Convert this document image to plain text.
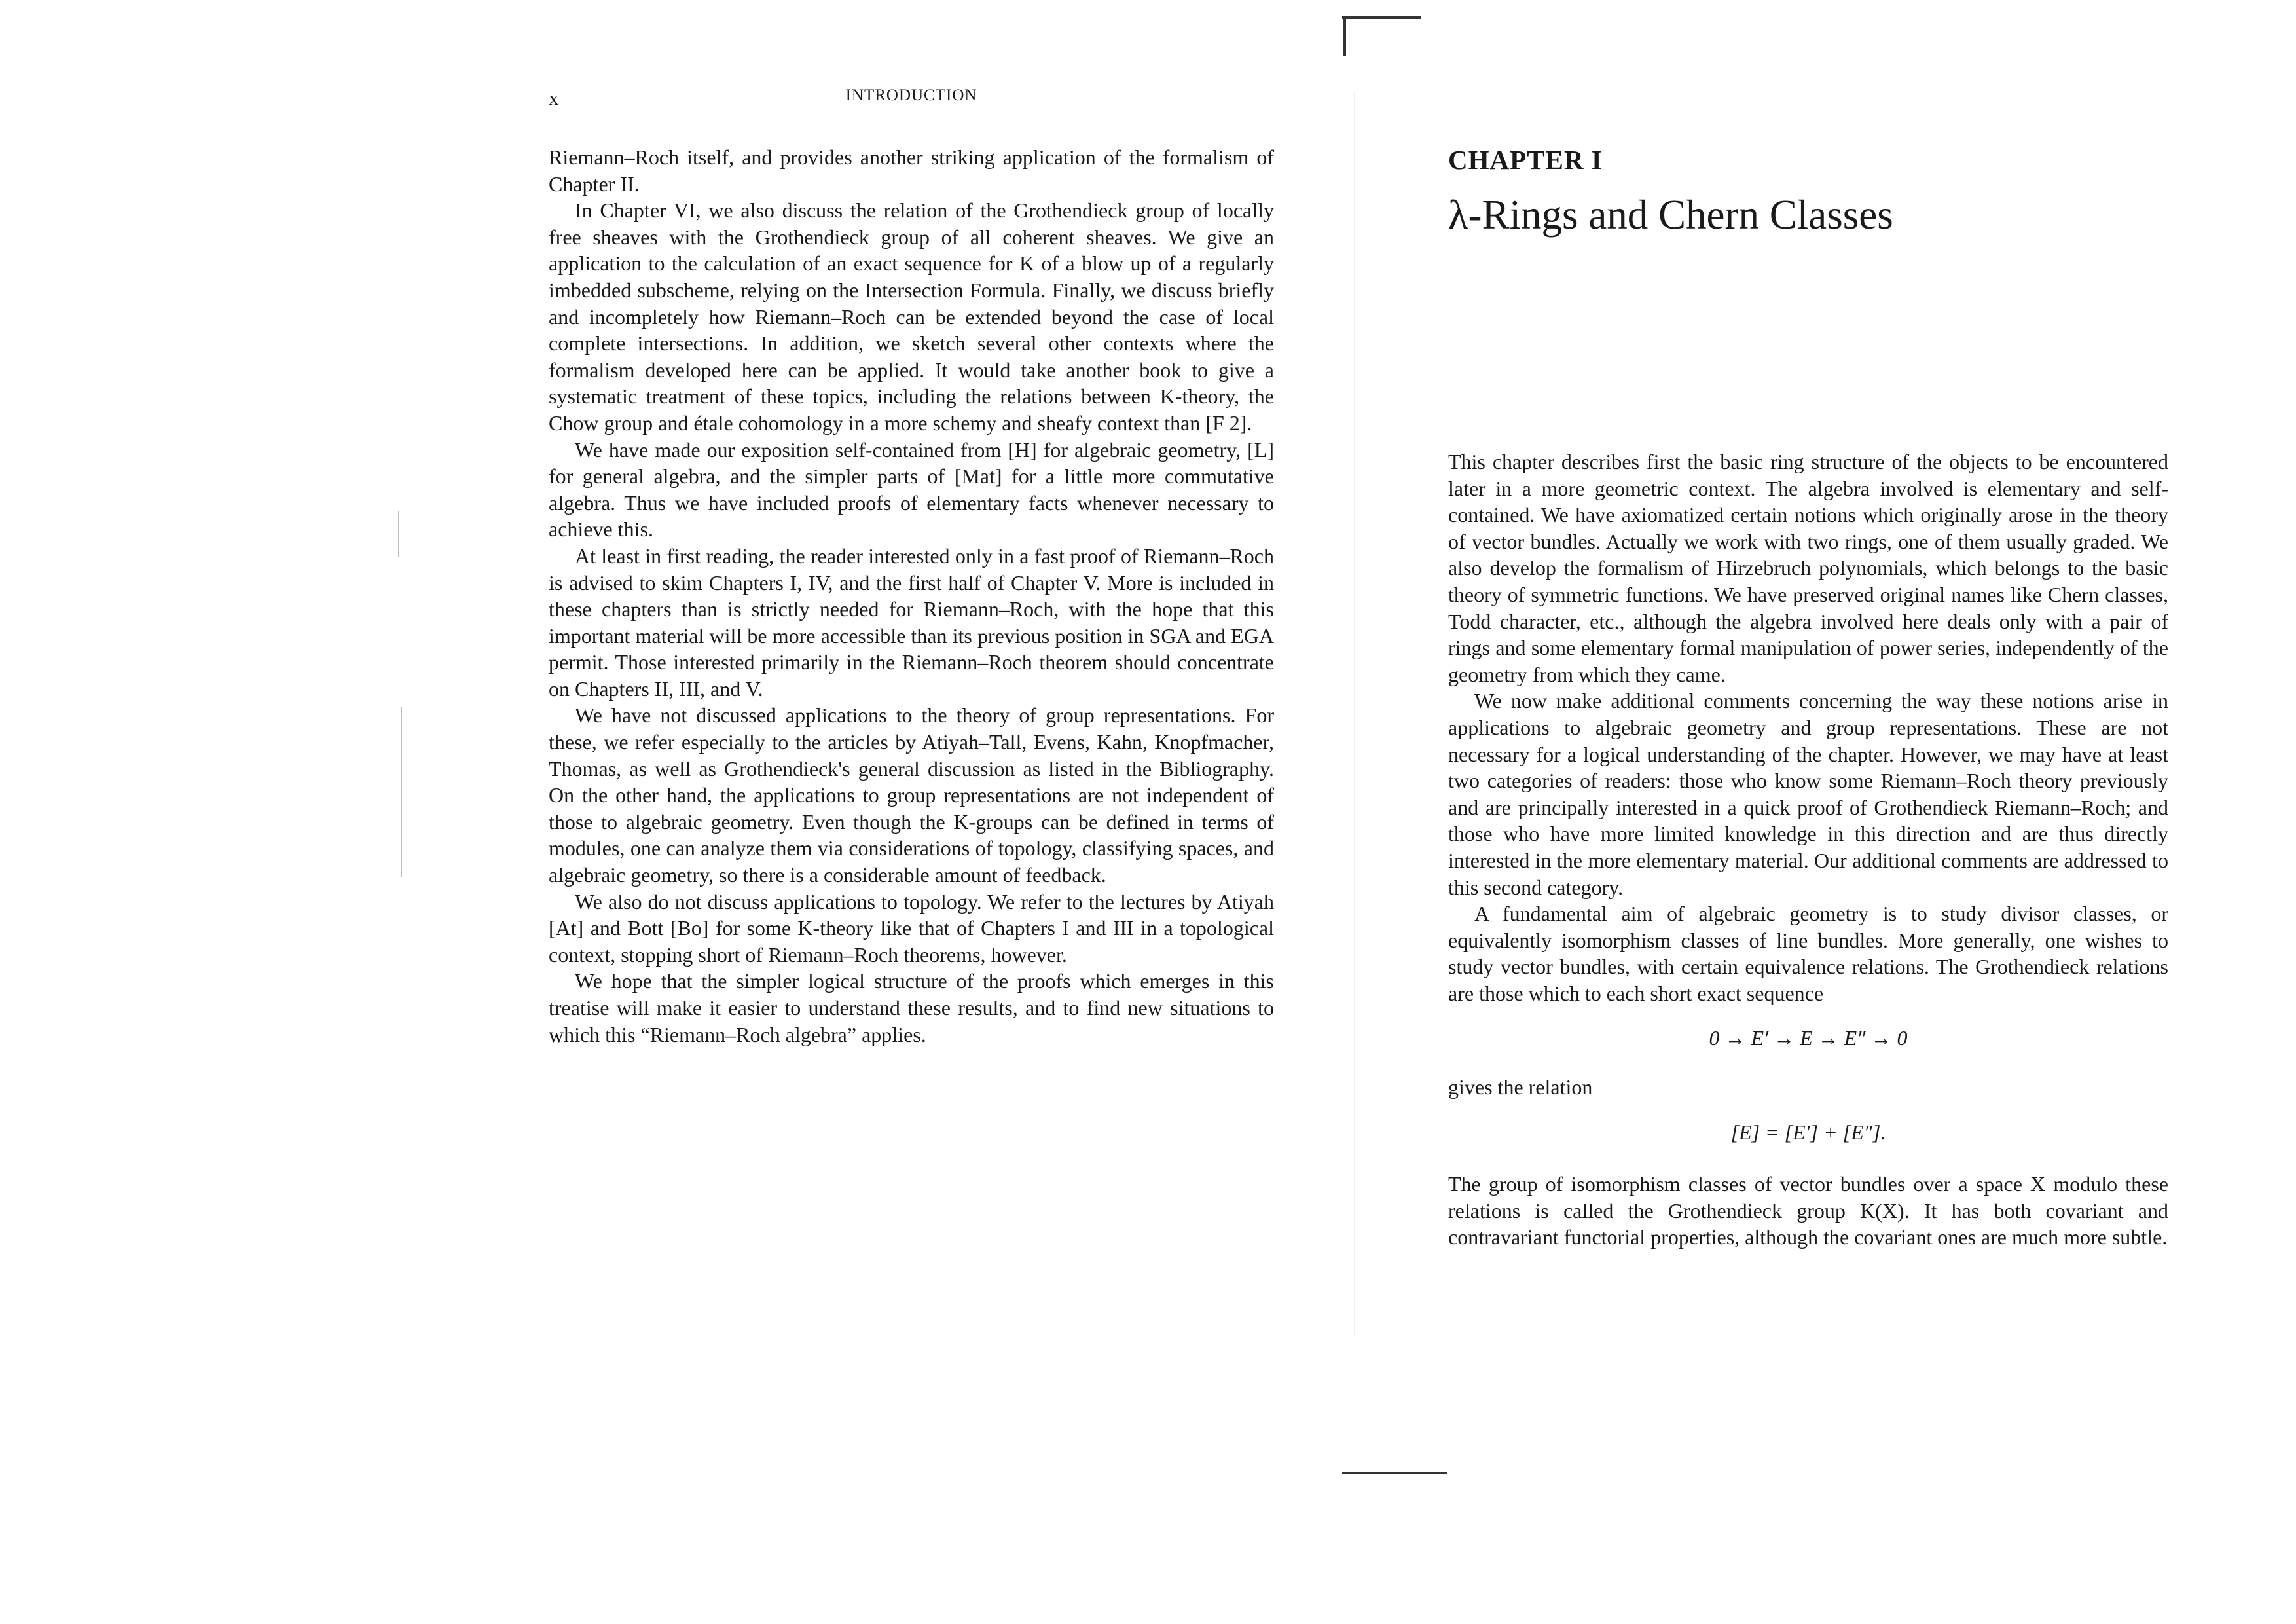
x	INTRODUCTION

Riemann–Roch itself, and provides another striking application of the formalism of Chapter II.

In Chapter VI, we also discuss the relation of the Grothendieck group of locally free sheaves with the Grothendieck group of all coherent sheaves. We give an application to the calculation of an exact sequence for K of a blow up of a regularly imbedded subscheme, relying on the Intersection Formula. Finally, we discuss briefly and incompletely how Riemann–Roch can be extended beyond the case of local complete intersections. In addition, we sketch several other contexts where the formalism developed here can be applied. It would take another book to give a systematic treatment of these topics, including the relations between K-theory, the Chow group and étale cohomology in a more schemy and sheafy context than [F 2].

We have made our exposition self-contained from [H] for algebraic geometry, [L] for general algebra, and the simpler parts of [Mat] for a little more commutative algebra. Thus we have included proofs of elementary facts whenever necessary to achieve this.

At least in first reading, the reader interested only in a fast proof of Riemann–Roch is advised to skim Chapters I, IV, and the first half of Chapter V. More is included in these chapters than is strictly needed for Riemann–Roch, with the hope that this important material will be more accessible than its previous position in SGA and EGA permit. Those interested primarily in the Riemann–Roch theorem should concentrate on Chapters II, III, and V.

We have not discussed applications to the theory of group representations. For these, we refer especially to the articles by Atiyah–Tall, Evens, Kahn, Knopfmacher, Thomas, as well as Grothendieck's general discussion as listed in the Bibliography. On the other hand, the applications to group representations are not independent of those to algebraic geometry. Even though the K-groups can be defined in terms of modules, one can analyze them via considerations of topology, classifying spaces, and algebraic geometry, so there is a considerable amount of feedback.

We also do not discuss applications to topology. We refer to the lectures by Atiyah [At] and Bott [Bo] for some K-theory like that of Chapters I and III in a topological context, stopping short of Riemann–Roch theorems, however.

We hope that the simpler logical structure of the proofs which emerges in this treatise will make it easier to understand these results, and to find new situations to which this “Riemann–Roch algebra” applies.

CHAPTER I
λ-Rings and Chern Classes

This chapter describes first the basic ring structure of the objects to be encountered later in a more geometric context. The algebra involved is elementary and self-contained. We have axiomatized certain notions which originally arose in the theory of vector bundles. Actually we work with two rings, one of them usually graded. We also develop the formalism of Hirzebruch polynomials, which belongs to the basic theory of symmetric functions. We have preserved original names like Chern classes, Todd character, etc., although the algebra involved here deals only with a pair of rings and some elementary formal manipulation of power series, independently of the geometry from which they came.

We now make additional comments concerning the way these notions arise in applications to algebraic geometry and group representations. These are not necessary for a logical understanding of the chapter. However, we may have at least two categories of readers: those who know some Riemann–Roch theory previously and are principally interested in a quick proof of Grothendieck Riemann–Roch; and those who have more limited knowledge in this direction and are thus directly interested in the more elementary material. Our additional comments are addressed to this second category.

A fundamental aim of algebraic geometry is to study divisor classes, or equivalently isomorphism classes of line bundles. More generally, one wishes to study vector bundles, with certain equivalence relations. The Grothendieck relations are those which to each short exact sequence

0 → E′ → E → E″ → 0

gives the relation

[E] = [E′] + [E″].

The group of isomorphism classes of vector bundles over a space X modulo these relations is called the Grothendieck group K(X). It has both covariant and contravariant functorial properties, although the covariant ones are much more subtle.
